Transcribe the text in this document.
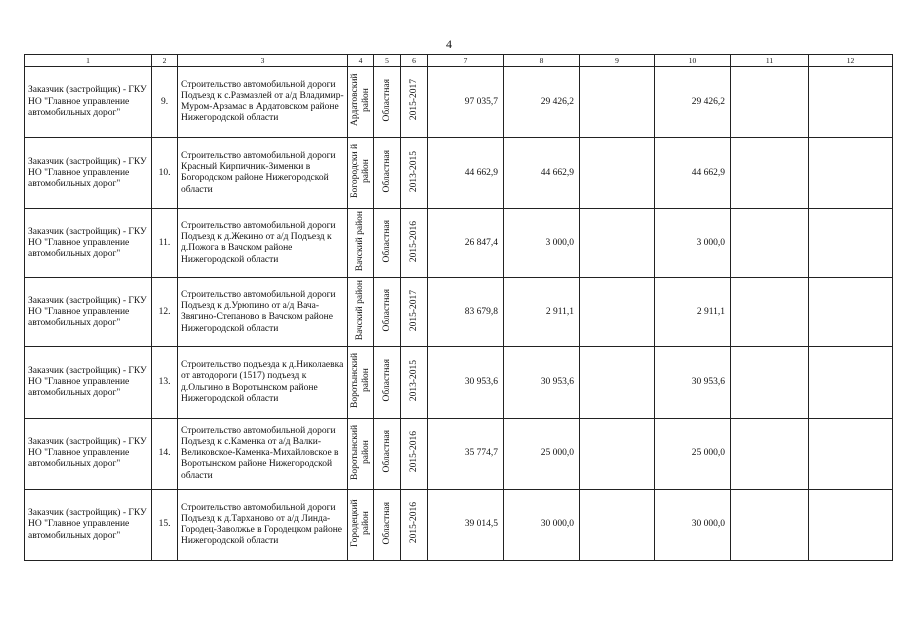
4
1	2	3	4	5	6	7	8	9	10	11	12
Заказчик (застройщик) - ГКУ НО "Главное управление автомобильных дорог"	9.	Строительство автомобильной дороги Подъезд к с.Размазлей от а/д Владимир-Муром-Арзамас в Ардатовском районе Нижегородской области	Ардатовский район	Областная	2015-2017	97 035,7	29 426,2		29 426,2		
Заказчик (застройщик) - ГКУ НО "Главное управление автомобильных дорог"	10.	Строительство автомобильной дороги Красный Кирпичник-Зименки в Богородском районе Нижегородской области	Богородски й район	Областная	2013-2015	44 662,9	44 662,9		44 662,9		
Заказчик (застройщик) - ГКУ НО "Главное управление автомобильных дорог"	11.	Строительство автомобильной дороги Подъезд к д.Жекино от а/д Подъезд к д.Пожога в Вачском районе Нижегородской области	Вачский район	Областная	2015-2016	26 847,4	3 000,0		3 000,0		
Заказчик (застройщик) - ГКУ НО "Главное управление автомобильных дорог"	12.	Строительство автомобильной дороги Подъезд к д.Урюпино от а/д Вача-Звягино-Степаново в Вачском районе Нижегородской области	Вачский район	Областная	2015-2017	83 679,8	2 911,1		2 911,1		
Заказчик (застройщик) - ГКУ НО "Главное управление автомобильных дорог"	13.	Строительство подъезда к д.Николаевка от автодороги (1517) подъезд к д.Ольгино в Воротынском районе Нижегородской области	Воротынский район	Областная	2013-2015	30 953,6	30 953,6		30 953,6		
Заказчик (застройщик) - ГКУ НО "Главное управление автомобильных дорог"	14.	Строительство автомобильной дороги Подъезд к с.Каменка от а/д Валки-Великовское-Каменка-Михайловское в Воротынском районе Нижегородской области	Воротынский район	Областная	2015-2016	35 774,7	25 000,0		25 000,0		
Заказчик (застройщик) - ГКУ НО "Главное управление автомобильных дорог"	15.	Строительство автомобильной дороги Подъезд к д.Тарханово от а/д Линда-Городец-Заволжье в Городецком районе Нижегородской области	Городецкий район	Областная	2015-2016	39 014,5	30 000,0		30 000,0		
